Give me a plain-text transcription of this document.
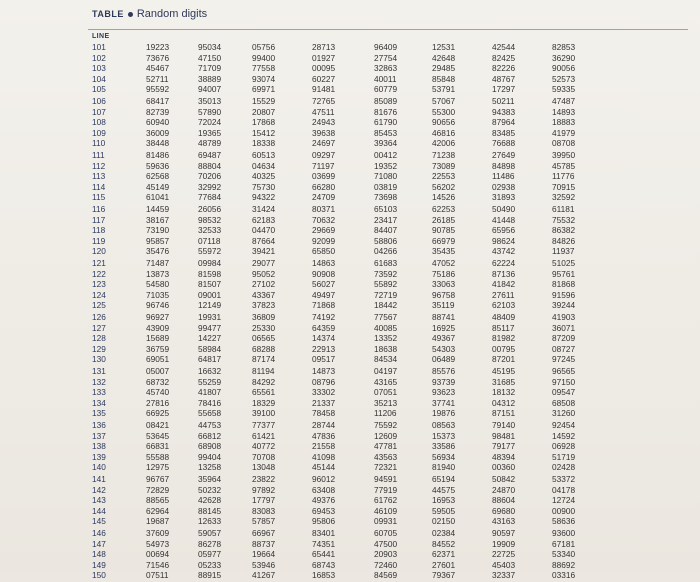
TABLE Random digits
LINE
101	19223	95034	05756	28713	96409	12531	42544	82853
102	73676	47150	99400	01927	27754	42648	82425	36290
103	45467	71709	77558	00095	32863	29485	82226	90056
104	52711	38889	93074	60227	40011	85848	48767	52573
105	95592	94007	69971	91481	60779	53791	17297	59335
106	68417	35013	15529	72765	85089	57067	50211	47487
107	82739	57890	20807	47511	81676	55300	94383	14893
108	60940	72024	17868	24943	61790	90656	87964	18883
109	36009	19365	15412	39638	85453	46816	83485	41979
110	38448	48789	18338	24697	39364	42006	76688	08708
111	81486	69487	60513	09297	00412	71238	27649	39950
112	59636	88804	04634	71197	19352	73089	84898	45785
113	62568	70206	40325	03699	71080	22553	11486	11776
114	45149	32992	75730	66280	03819	56202	02938	70915
115	61041	77684	94322	24709	73698	14526	31893	32592
116	14459	26056	31424	80371	65103	62253	50490	61181
117	38167	98532	62183	70632	23417	26185	41448	75532
118	73190	32533	04470	29669	84407	90785	65956	86382
119	95857	07118	87664	92099	58806	66979	98624	84826
120	35476	55972	39421	65850	04266	35435	43742	11937
121	71487	09984	29077	14863	61683	47052	62224	51025
122	13873	81598	95052	90908	73592	75186	87136	95761
123	54580	81507	27102	56027	55892	33063	41842	81868
124	71035	09001	43367	49497	72719	96758	27611	91596
125	96746	12149	37823	71868	18442	35119	62103	39244
126	96927	19931	36809	74192	77567	88741	48409	41903
127	43909	99477	25330	64359	40085	16925	85117	36071
128	15689	14227	06565	14374	13352	49367	81982	87209
129	36759	58984	68288	22913	18638	54303	00795	08727
130	69051	64817	87174	09517	84534	06489	87201	97245
131	05007	16632	81194	14873	04197	85576	45195	96565
132	68732	55259	84292	08796	43165	93739	31685	97150
133	45740	41807	65561	33302	07051	93623	18132	09547
134	27816	78416	18329	21337	35213	37741	04312	68508
135	66925	55658	39100	78458	11206	19876	87151	31260
136	08421	44753	77377	28744	75592	08563	79140	92454
137	53645	66812	61421	47836	12609	15373	98481	14592
138	66831	68908	40772	21558	47781	33586	79177	06928
139	55588	99404	70708	41098	43563	56934	48394	51719
140	12975	13258	13048	45144	72321	81940	00360	02428
141	96767	35964	23822	96012	94591	65194	50842	53372
142	72829	50232	97892	63408	77919	44575	24870	04178
143	88565	42628	17797	49376	61762	16953	88604	12724
144	62964	88145	83083	69453	46109	59505	69680	00900
145	19687	12633	57857	95806	09931	02150	43163	58636
146	37609	59057	66967	83401	60705	02384	90597	93600
147	54973	86278	88737	74351	47500	84552	19909	67181
148	00694	05977	19664	65441	20903	62371	22725	53340
149	71546	05233	53946	68743	72460	27601	45403	88692
150	07511	88915	41267	16853	84569	79367	32337	03316
